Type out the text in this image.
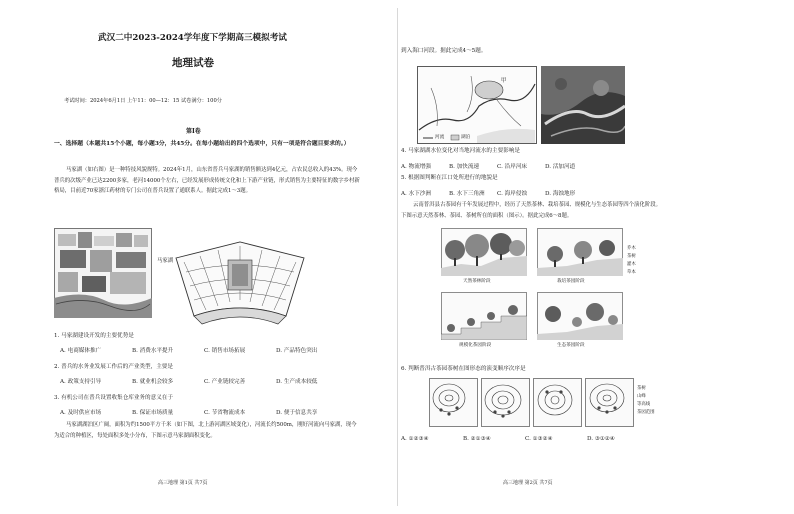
武汉二中2023-2024学年度下学期高三模拟考试
地理试卷
考试时间：2024年6月1日 上午11：00—12：15 试卷满分：100分
第Ⅰ卷
一、选择题（本题共15个小题，每小题3分，共45分。在每小题给出的四个选项中，只有一项是符合题目要求的。）
马家湖（如右图）是一种特技风貌规特。2024年1月，山东省普兵马家湖的销售额达到4亿元，占农民总收入的43%。现今普兵的次级产业已达2200多家，老河14000个左右，已经发展形成传统文化和上下游产业链，形式销售为主要特征的数字乡村新格局，目前近70家浙江药材的专门公司在普兵设置了通联系人。据此完成1～3题。
马家湖
1. 马家湖建设开发的主要优势是
A. 电商媒体推广	B. 消费水平提升	C. 销售市场拓展	D. 产品特色突出
2. 普兵的水务业发展工作后的产业类型，主要是
A. 政策支持引导	B. 就业机会较多	C. 产业链较完善	D. 生产成本较低
3. 有机公司在普兵设置收集仓库业务的意义在于
A. 及时供应市场	B. 保证市场质量	C. 节省物流成本	D. 便于信息共享
马家湖湖泊区广阔，面积为约1500平方千米（如下图，北上游河湖区域变化），河流长约500m，刚好河流向马家湖，现今为适合的种植区，每处面积多处小分布，下图示意马家湖面积变化。
高三地理 第1页 共7页
到入海口河段。据此完成4～5题。
甲
河流	湖泊
4. 马家湖湖水位变化对当地河流水的主要影响是
A. 物流增强	B. 加快流速	C. 沿岸河床	D. 活加河道
5. 根据图判断在江口处所进行的地貌是
A. 水下沙洲	B. 水下三角洲 C. 海岸侵蚀	D. 海蚀地形
云南普洱县古茶园有千年发展过程中，经历了天然茶林、栽培茶园、规模化与生态茶园等四个演化阶段。下图示意天然茶林、茶园、茶树所在的面积（图示）。据此完成6～8题。
天然茶林阶段	栽培茶园阶段
规模化茶园阶段	生态茶园阶段
乔木
茶树
灌木
草本
6. 判断普洱古茶园茶树在图形态的演变顺序次序是
茶树
山峰
等高线
茶园范围
A. ①②③④	B. ②①③④	C. ①③②④	D. ③①②④
高三地理 第2页 共7页
